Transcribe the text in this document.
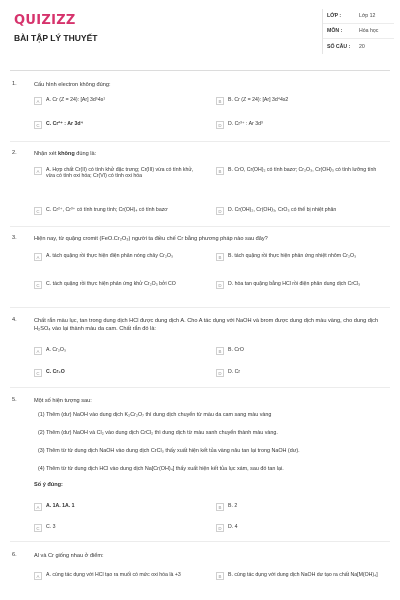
QUIZIZZ
BÀI TẬP LÝ THUYẾT
LỚP :	Lớp 12
MÔN :	Hóa học
SỐ CÂU :	20
1.	Cấu hình electron không đúng:
A	A. Cr (Z = 24): [Ar] 3d⁵4s¹	B	B. Cr (Z = 24): [Ar] 3d⁴4s2
C	C. Cr²⁺ : Ar 3d⁴	D	D. Cr³⁺ : Ar 3d³
2.	Nhận xét không đúng là:
A	A. Hợp chất Cr(II) có tính khử đặc trưng; Cr(III) vừa có tính khử, vừa có tính oxi hóa; Cr(VI) có tính oxi hóa
B	B. CrO, Cr(OH)₂ có tính bazơ; Cr₂O₃, Cr(OH)₃ có tính lưỡng tính
C	C. Cr²⁺, Cr³⁺ có tính trung tính; Cr(OH)₄ có tính bazơ	D	D. Cr(OH)₂, Cr(OH)₃, CrO₃ có thể bị nhiệt phân
3.	Hiện nay, từ quặng cromit (FeO.Cr₂O₃) người ta điều chế Cr bằng phương pháp nào sau đây?
A	A. tách quặng rồi thực hiện điện phân nóng chảy Cr₂O₃	B	B. tách quặng rồi thực hiện phản ứng nhiệt nhôm Cr₂O₃
C	C. tách quặng rồi thực hiện phản ứng khử Cr₂O₃ bởi CO	D	D. hòa tan quặng bằng HCl rồi điện phân dung dịch CrCl₃
4.	Chất rắn màu lục, tan trong dung dịch HCl được dung dịch A. Cho A tác dụng với NaOH và brom được dung dịch màu vàng, cho dung dịch H₂SO₄ vào lại thành màu da cam. Chất rắn đó là:
A	A. Cr₂O₃	B	B. CrO
C	C. Cr₂O	D	D. Cr
5.	Một số hiện tượng sau:
(1) Thêm (dư) NaOH vào dung dịch K₂Cr₂O₇ thì dung dịch chuyển từ màu da cam sang màu vàng
(2) Thêm (dư) NaOH và Cl₂ vào dung dịch CrCl₂ thì dung dịch từ màu xanh chuyển thành màu vàng.
(3) Thêm từ từ dung dịch NaOH vào dung dịch CrCl₃ thấy xuất hiện kết tủa vàng nâu tan lại trong NaOH (dư).
(4) Thêm từ từ dung dịch HCl vào dung dịch Na[Cr(OH)₄] thấy xuất hiện kết tủa lục xám, sau đó tan lại.
Số ý đúng:
A	A. 1A. 1A. 1	B	B. 2
C	C. 3	D	D. 4
6.	Al và Cr giống nhau ở điểm:
A	A. cùng tác dụng với HCl tạo ra muối có mức oxi hóa là +3	B	B. cùng tác dụng với dung dịch NaOH dư tạo ra chất Na[M(OH)₄]
